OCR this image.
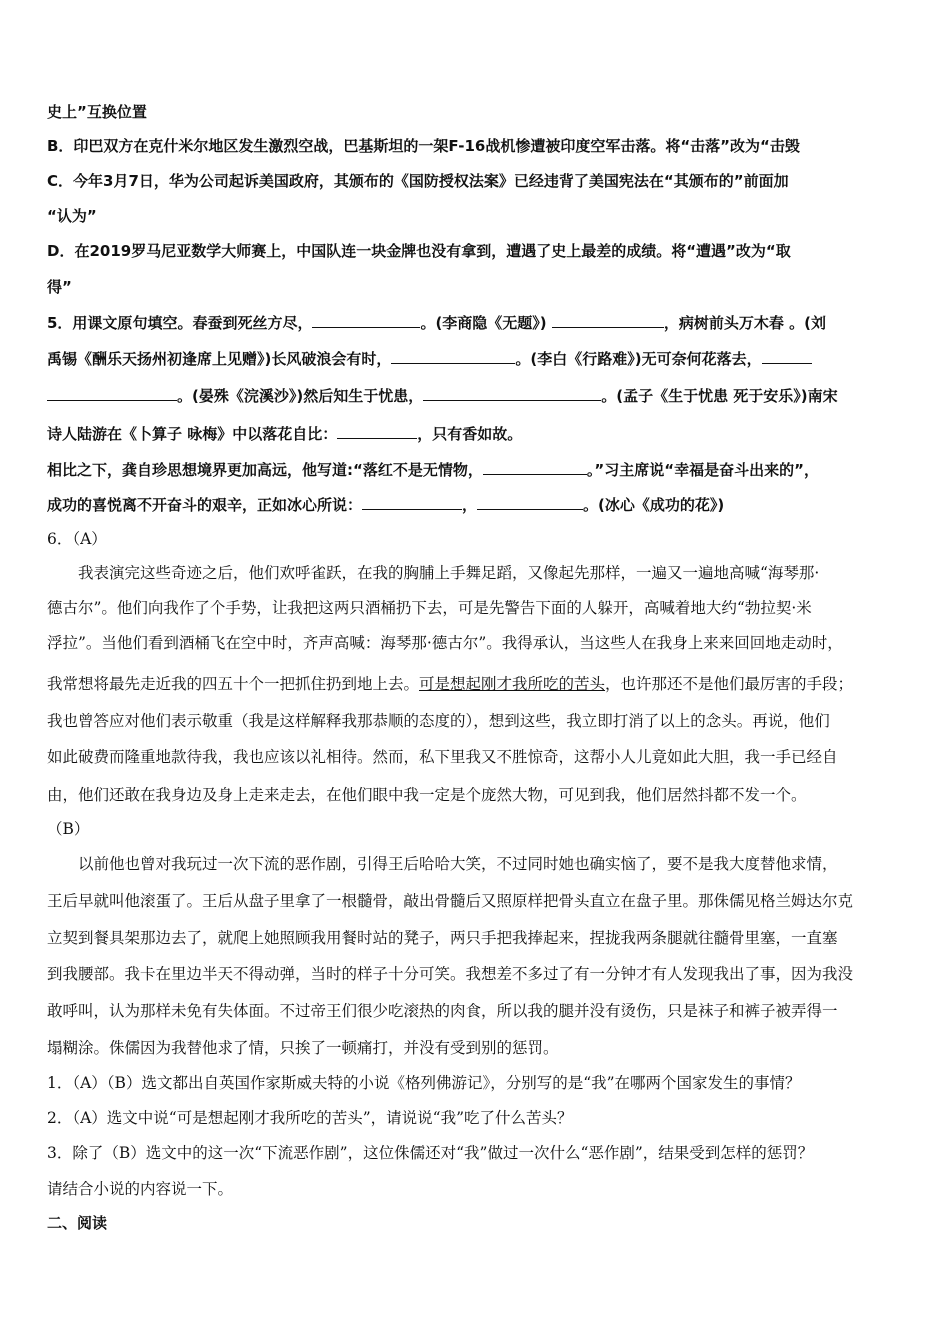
史上”互换位置
B．印巴双方在克什米尔地区发生激烈空战，巴基斯坦的一架F-16战机惨遭被印度空军击落。将“击落”改为“击毁
C．今年3月7日，华为公司起诉美国政府，其颁布的《国防授权法案》已经违背了美国宪法在“其颁布的”前面加
“认为”
D．在2019罗马尼亚数学大师赛上，中国队连一块金牌也没有拿到，遭遇了史上最差的成绩。将“遭遇”改为“取
得”
5．用课文原句填空。春蚕到死丝方尽，	。(李商隐《无题》)	，病树前头万木春 。(刘
禹锡《酬乐天扬州初逢席上见赠》)长风破浪会有时，	。(李白《行路难》)无可奈何花落去，
。(晏殊《浣溪沙》)然后知生于忧患，	。(孟子《生于忧患 死于安乐》)南宋
诗人陆游在《卜算子 咏梅》中以落花自比：	，只有香如故。
相比之下，龚自珍思想境界更加高远，他写道:“落红不是无情物，	。”习主席说“幸福是奋斗出来的”，
成功的喜悦离不开奋斗的艰辛，正如冰心所说：	，	。(冰心《成功的花》)
6．（A）
我表演完这些奇迹之后，他们欢呼雀跃，在我的胸脯上手舞足蹈，又像起先那样，一遍又一遍地高喊“海琴那·
德古尔”。他们向我作了个手势，让我把这两只酒桶扔下去，可是先警告下面的人躲开，高喊着地大约“勃拉契·米
浮拉”。当他们看到酒桶飞在空中时，齐声高喊：海琴那·德古尔”。我得承认，当这些人在我身上来来回回地走动时，
我常想将最先走近我的四五十个一把抓住扔到地上去。可是想起刚才我所吃的苦头，也许那还不是他们最厉害的手段；
我也曾答应对他们表示敬重（我是这样解释我那恭顺的态度的），想到这些，我立即打消了以上的念头。再说，他们
如此破费而隆重地款待我，我也应该以礼相待。然而，私下里我又不胜惊奇，这帮小人儿竟如此大胆，我一手已经自
由，他们还敢在我身边及身上走来走去，在他们眼中我一定是个庞然大物，可见到我，他们居然抖都不发一个。
（B）
以前他也曾对我玩过一次下流的恶作剧，引得王后哈哈大笑，不过同时她也确实恼了，要不是我大度替他求情，
王后早就叫他滚蛋了。王后从盘子里拿了一根髓骨，敲出骨髓后又照原样把骨头直立在盘子里。那侏儒见格兰姆达尔克
立契到餐具架那边去了，就爬上她照顾我用餐时站的凳子，两只手把我捧起来，捏拢我两条腿就往髓骨里塞，一直塞
到我腰部。我卡在里边半天不得动弹，当时的样子十分可笑。我想差不多过了有一分钟才有人发现我出了事，因为我没
敢呼叫，认为那样未免有失体面。不过帝王们很少吃滚热的肉食，所以我的腿并没有烫伤，只是袜子和裤子被弄得一
塌糊涂。侏儒因为我替他求了情，只挨了一顿痛打，并没有受到别的惩罚。
1．（A）（B）选文都出自英国作家斯威夫特的小说《格列佛游记》，分别写的是“我”在哪两个国家发生的事情？
2．（A）选文中说“可是想起刚才我所吃的苦头”，请说说“我”吃了什么苦头？
3．除了（B）选文中的这一次“下流恶作剧”，这位侏儒还对“我”做过一次什么“恶作剧”，结果受到怎样的惩罚？
请结合小说的内容说一下。
二、阅读
